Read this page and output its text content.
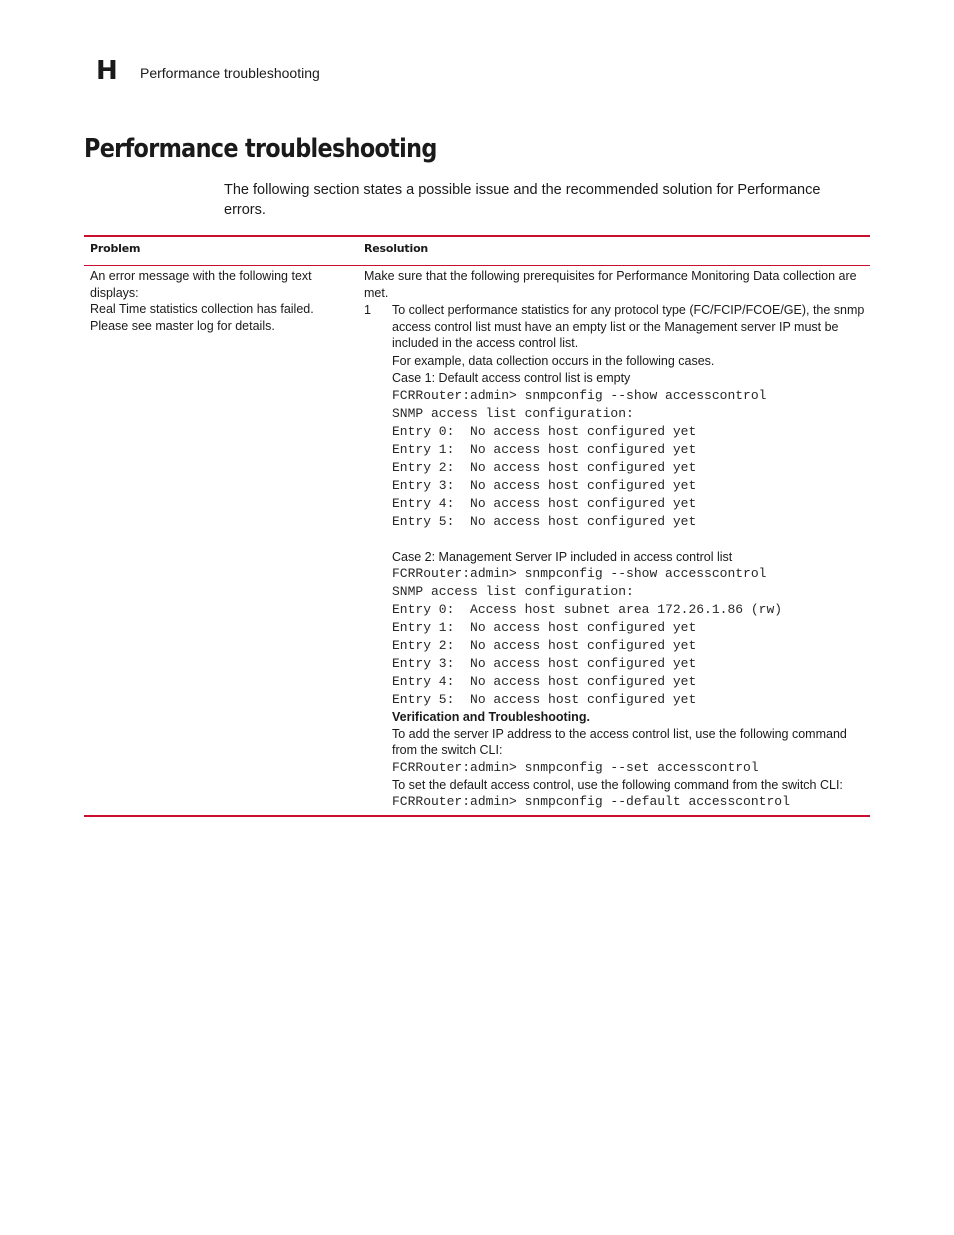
H Performance troubleshooting
Performance troubleshooting

The following section states a possible issue and the recommended solution for Performance errors.

Problem	Resolution

An error message with the following text displays:

Real Time statistics collection has failed. Please see master log for details.

Make sure that the following prerequisites for Performance Monitoring Data collection are met.

1	To collect performance statistics for any protocol type (FC/FCIP/FCOE/GE), the snmp access control list must have an empty list or the Management server IP must be included in the access control list.

For example, data collection occurs in the following cases.

Case 1: Default access control list is empty

FCRRouter:admin> snmpconfig --show accesscontrol
SNMP access list configuration:
Entry 0:  No access host configured yet
Entry 1:  No access host configured yet
Entry 2:  No access host configured yet
Entry 3:  No access host configured yet
Entry 4:  No access host configured yet
Entry 5:  No access host configured yet

Case 2: Management Server IP included in access control list

FCRRouter:admin> snmpconfig --show accesscontrol
SNMP access list configuration:
Entry 0:  Access host subnet area 172.26.1.86 (rw)
Entry 1:  No access host configured yet
Entry 2:  No access host configured yet
Entry 3:  No access host configured yet
Entry 4:  No access host configured yet
Entry 5:  No access host configured yet

Verification and Troubleshooting.

To add the server IP address to the access control list, use the following command from the switch CLI:

FCRRouter:admin> snmpconfig --set accesscontrol

To set the default access control, use the following command from the switch CLI:

FCRRouter:admin> snmpconfig --default accesscontrol
